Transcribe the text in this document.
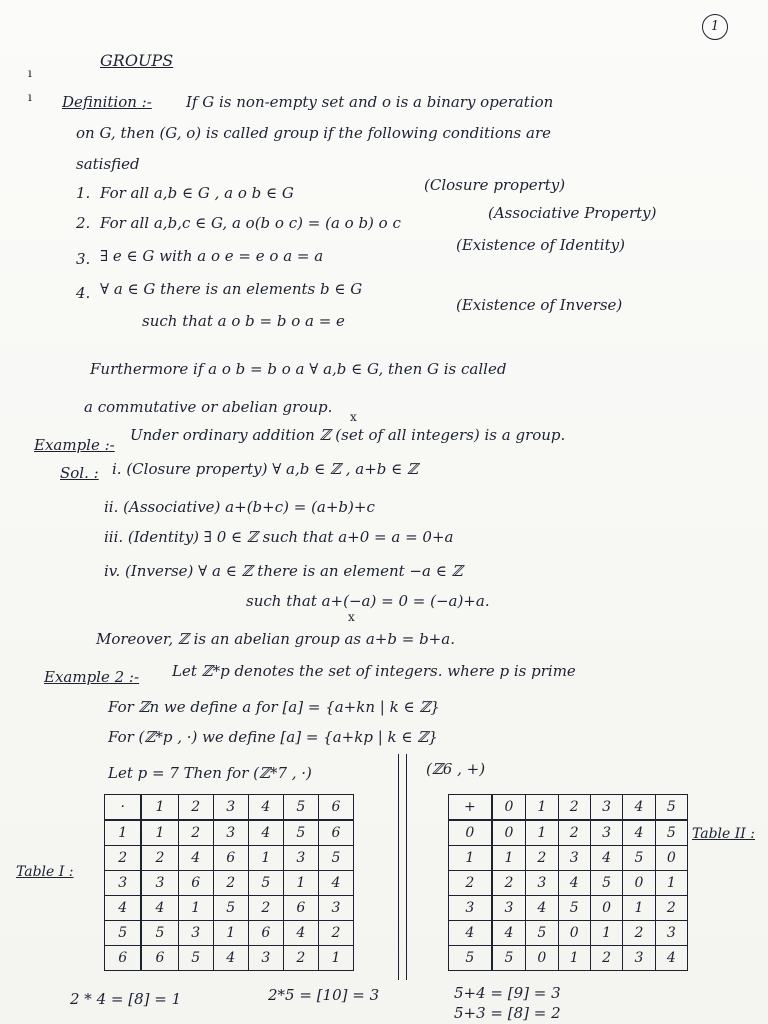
1
ı
ı
GROUPS
Definition :- If G is non-empty set and o is a binary operation
on G, then (G, o) is called group if the following conditions are
satisfied
1. For all a,b ∈ G , a o b ∈ G	(Closure property)
2. For all a,b,c ∈ G, a o(b o c) = (a o b) o c
(Associative Property)
3. ∃ e ∈ G with a o e = e o a = a
(Existence of Identity)
4. ∀ a ∈ G there is an elements b ∈ G
such that a o b = b o a = e
(Existence of Inverse)
Furthermore if a o b = b o a ∀ a,b ∈ G, then G is called
a commutative or abelian group.
x
Example :-
Under ordinary addition ℤ (set of all integers) is a group.
Sol. : i. (Closure property) ∀ a,b ∈ ℤ , a+b ∈ ℤ
ii. (Associative) a+(b+c) = (a+b)+c
iii. (Identity) ∃ 0 ∈ ℤ such that a+0 = a = 0+a
iv. (Inverse) ∀ a ∈ ℤ there is an element −a ∈ ℤ
such that a+(−a) = 0 = (−a)+a.
x
Moreover, ℤ is an abelian group as a+b = b+a.
Example 2 :- Let ℤ*p denotes the set of integers. where p is prime
For ℤn we define a for [a] = {a+kn | k ∈ ℤ}
For (ℤ*p , ·) we define [a] = {a+kp | k ∈ ℤ}
Let p = 7 Then for (ℤ*7 , ·)	(ℤ6 , +)
Table I :
·	1	2	3	4	5	6
1	1	2	3	4	5	6
2	2	4	6	1	3	5
3	3	6	2	5	1	4
4	4	1	5	2	6	3
5	5	3	1	6	4	2
6	6	5	4	3	2	1
+	0	1	2	3	4	5
0	0	1	2	3	4	5
1	1	2	3	4	5	0
2	2	3	4	5	0	1
3	3	4	5	0	1	2
4	4	5	0	1	2	3
5	5	0	1	2	3	4
Table II :
2 * 4 = [8] = 1	2*5 = [10] = 3	5+4 = [9] = 3
5+3 = [8] = 2
